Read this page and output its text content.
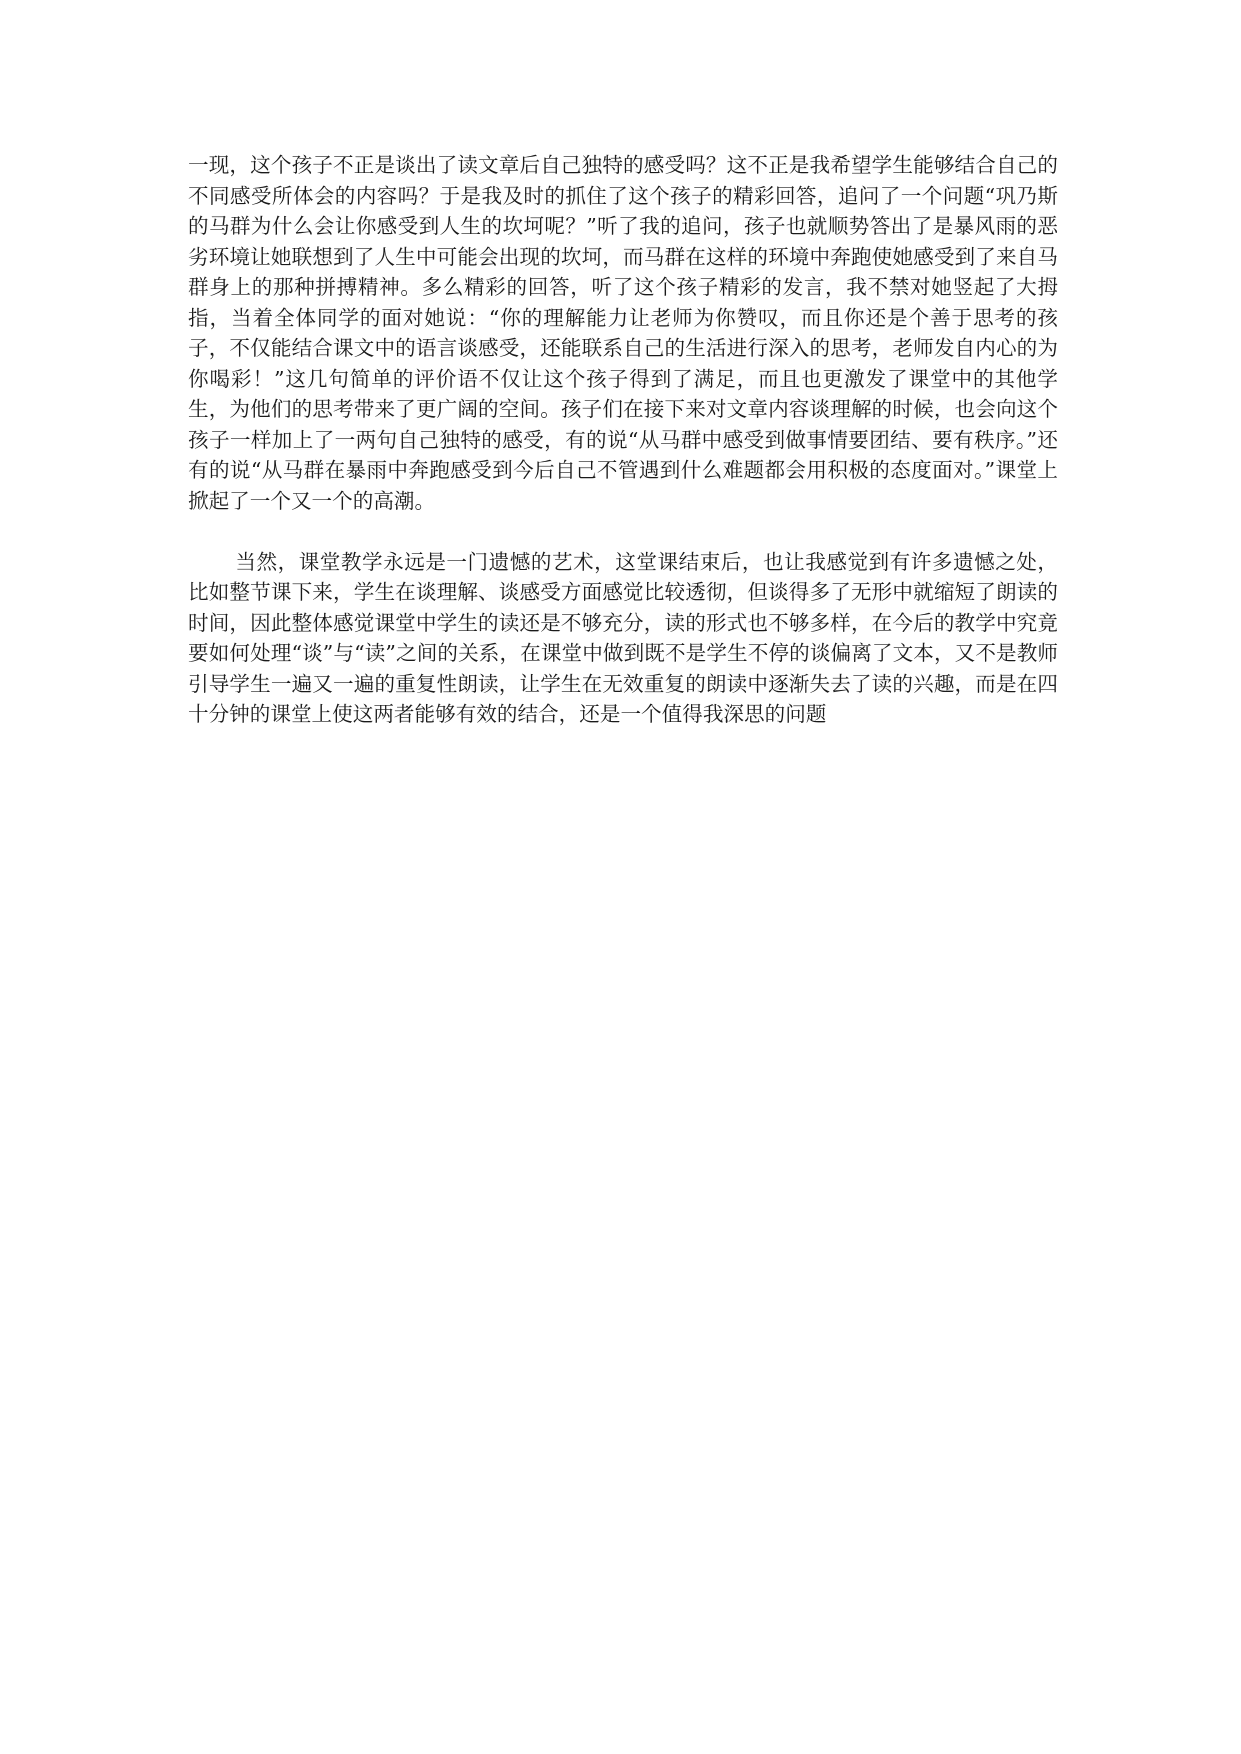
一现，这个孩子不正是谈出了读文章后自己独特的感受吗？这不正是我希望学生能够结合自己的不同感受所体会的内容吗？于是我及时的抓住了这个孩子的精彩回答，追问了一个问题“巩乃斯的马群为什么会让你感受到人生的坎坷呢？”听了我的追问，孩子也就顺势答出了是暴风雨的恶劣环境让她联想到了人生中可能会出现的坎坷，而马群在这样的环境中奔跑使她感受到了来自马群身上的那种拼搏精神。多么精彩的回答，听了这个孩子精彩的发言，我不禁对她竖起了大拇指，当着全体同学的面对她说：“你的理解能力让老师为你赞叹，而且你还是个善于思考的孩子，不仅能结合课文中的语言谈感受，还能联系自己的生活进行深入的思考，老师发自内心的为你喝彩！”这几句简单的评价语不仅让这个孩子得到了满足，而且也更激发了课堂中的其他学生，为他们的思考带来了更广阔的空间。孩子们在接下来对文章内容谈理解的时候，也会向这个孩子一样加上了一两句自己独特的感受，有的说“从马群中感受到做事情要团结、要有秩序。”还有的说“从马群在暴雨中奔跑感受到今后自己不管遇到什么难题都会用积极的态度面对。”课堂上掀起了一个又一个的高潮。

当然，课堂教学永远是一门遗憾的艺术，这堂课结束后，也让我感觉到有许多遗憾之处，比如整节课下来，学生在谈理解、谈感受方面感觉比较透彻，但谈得多了无形中就缩短了朗读的时间，因此整体感觉课堂中学生的读还是不够充分，读的形式也不够多样，在今后的教学中究竟要如何处理“谈”与“读”之间的关系，在课堂中做到既不是学生不停的谈偏离了文本，又不是教师引导学生一遍又一遍的重复性朗读，让学生在无效重复的朗读中逐渐失去了读的兴趣，而是在四十分钟的课堂上使这两者能够有效的结合，还是一个值得我深思的问题
